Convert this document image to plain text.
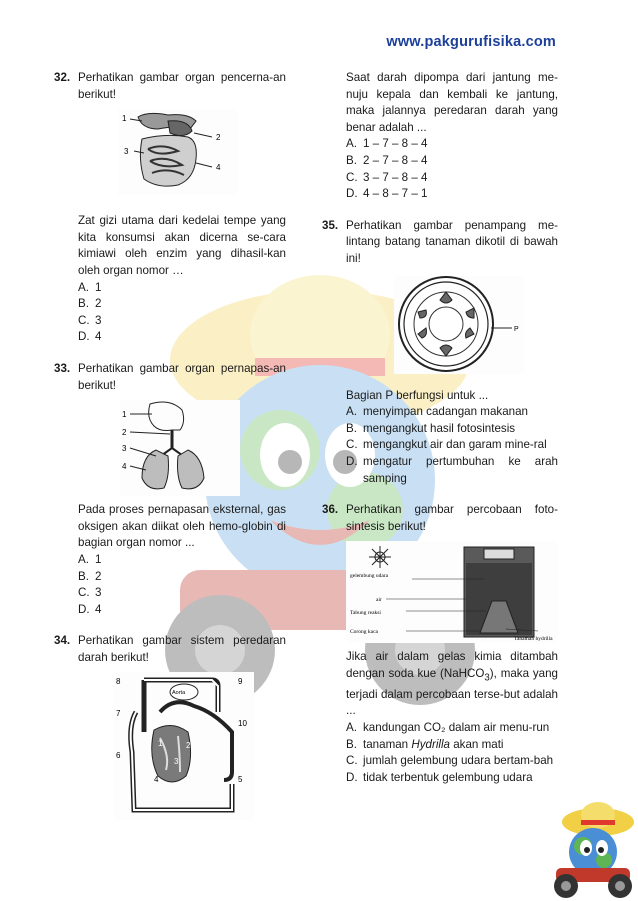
www.pakgurufisika.com
32. Perhatikan gambar organ pencerna-an berikut!
1
2
3
4
Zat gizi utama dari kedelai tempe yang kita konsumsi akan dicerna se-cara kimiawi oleh enzim yang dihasil-kan oleh organ nomor …
A. 1
B. 2
C. 3
D. 4
33. Perhatikan gambar organ pernapas-an berikut!
1
2
3
4
Pada proses pernapasan eksternal, gas oksigen akan diikat oleh hemo-globin di bagian organ nomor ...
A. 1
B. 2
C. 3
D. 4
34. Perhatikan gambar sistem peredaran darah berikut!
Aorta
8	9
7
10
6
3
2
1
4	5
Saat darah dipompa dari jantung me-nuju kepala dan kembali ke jantung, maka jalannya peredaran darah yang benar adalah ...
A. 1 – 7 – 8 – 4
B. 2 – 7 – 8 – 4
C. 3 – 7 – 8 – 4
D. 4 – 8 – 7 – 1
35. Perhatikan gambar penampang me-lintang batang tanaman dikotil di bawah ini!
P
Bagian P berfungsi untuk ...
A. menyimpan cadangan makanan
B. mengangkut hasil fotosintesis
C. mengangkut air dan garam mine-ral
D. mengatur pertumbuhan ke arah samping
36. Perhatikan gambar percobaan foto-sintesis berikut!
gelembung udara
air
Tabung reaksi
Corong kaca
Tanaman hydrilla
Jika air dalam gelas kimia ditambah dengan soda kue (NaHCO$_3$), maka yang terjadi dalam percobaan terse-but adalah ...
A. kandungan CO₂ dalam air menu-run
B. tanaman Hydrilla akan mati
C. jumlah gelembung udara bertam-bah
D. tidak terbentuk gelembung udara
